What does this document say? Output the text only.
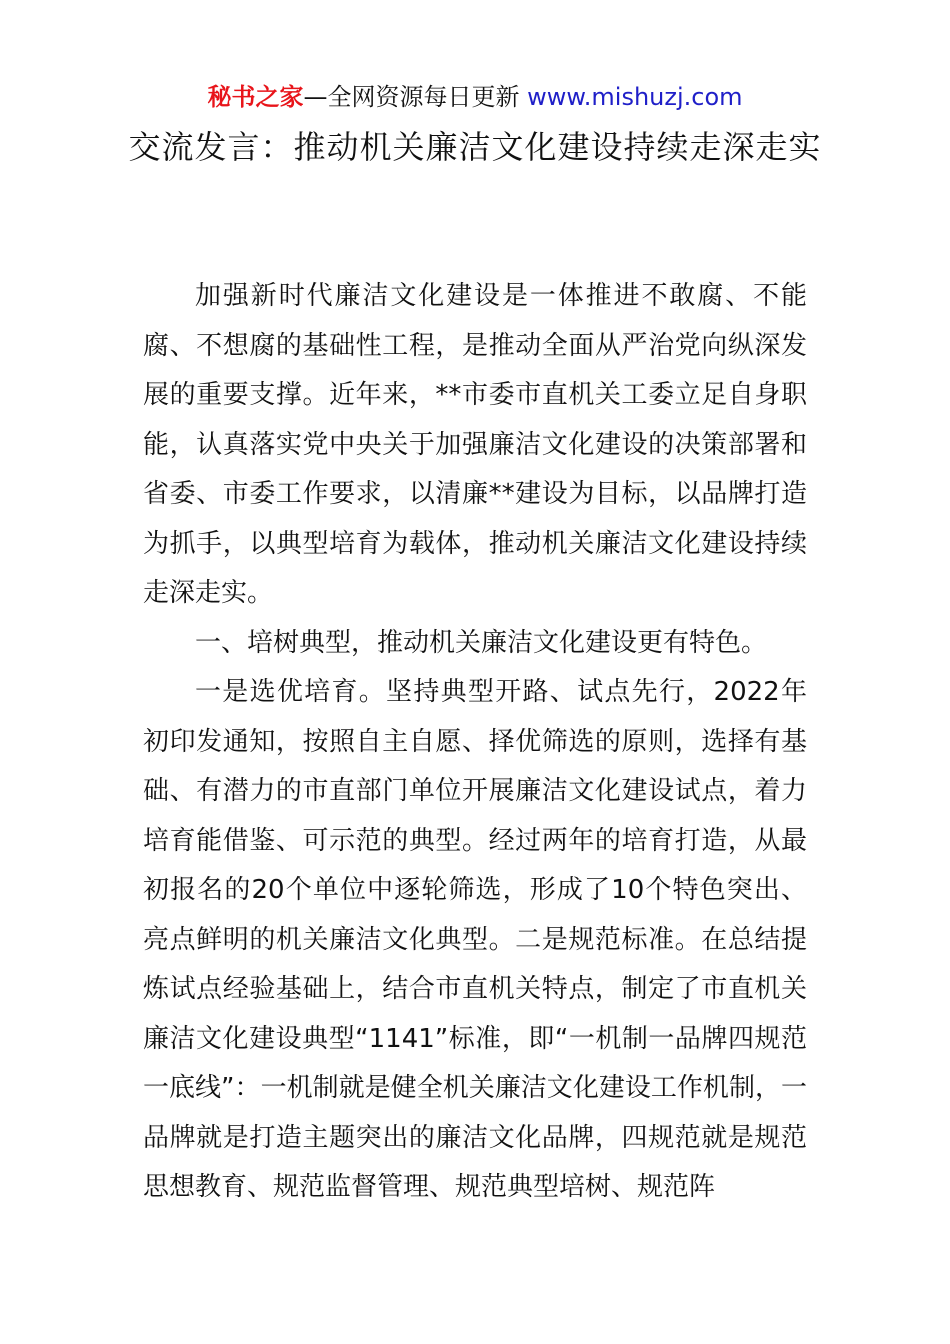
秘书之家—全网资源每日更新 www.mishuzj.com
交流发言：推动机关廉洁文化建设持续走深走实

加强新时代廉洁文化建设是一体推进不敢腐、不能腐、不想腐的基础性工程，是推动全面从严治党向纵深发展的重要支撑。近年来，**市委市直机关工委立足自身职能，认真落实党中央关于加强廉洁文化建设的决策部署和省委、市委工作要求，以清廉**建设为目标，以品牌打造为抓手，以典型培育为载体，推动机关廉洁文化建设持续走深走实。

一、培树典型，推动机关廉洁文化建设更有特色。

一是选优培育。坚持典型开路、试点先行，2022年初印发通知，按照自主自愿、择优筛选的原则，选择有基础、有潜力的市直部门单位开展廉洁文化建设试点，着力培育能借鉴、可示范的典型。经过两年的培育打造，从最初报名的20个单位中逐轮筛选，形成了10个特色突出、亮点鲜明的机关廉洁文化典型。二是规范标准。在总结提炼试点经验基础上，结合市直机关特点，制定了市直机关廉洁文化建设典型“1141”标准，即“一机制一品牌四规范一底线”：一机制就是健全机关廉洁文化建设工作机制，一品牌就是打造主题突出的廉洁文化品牌，四规范就是规范思想教育、规范监督管理、规范典型培树、规范阵
